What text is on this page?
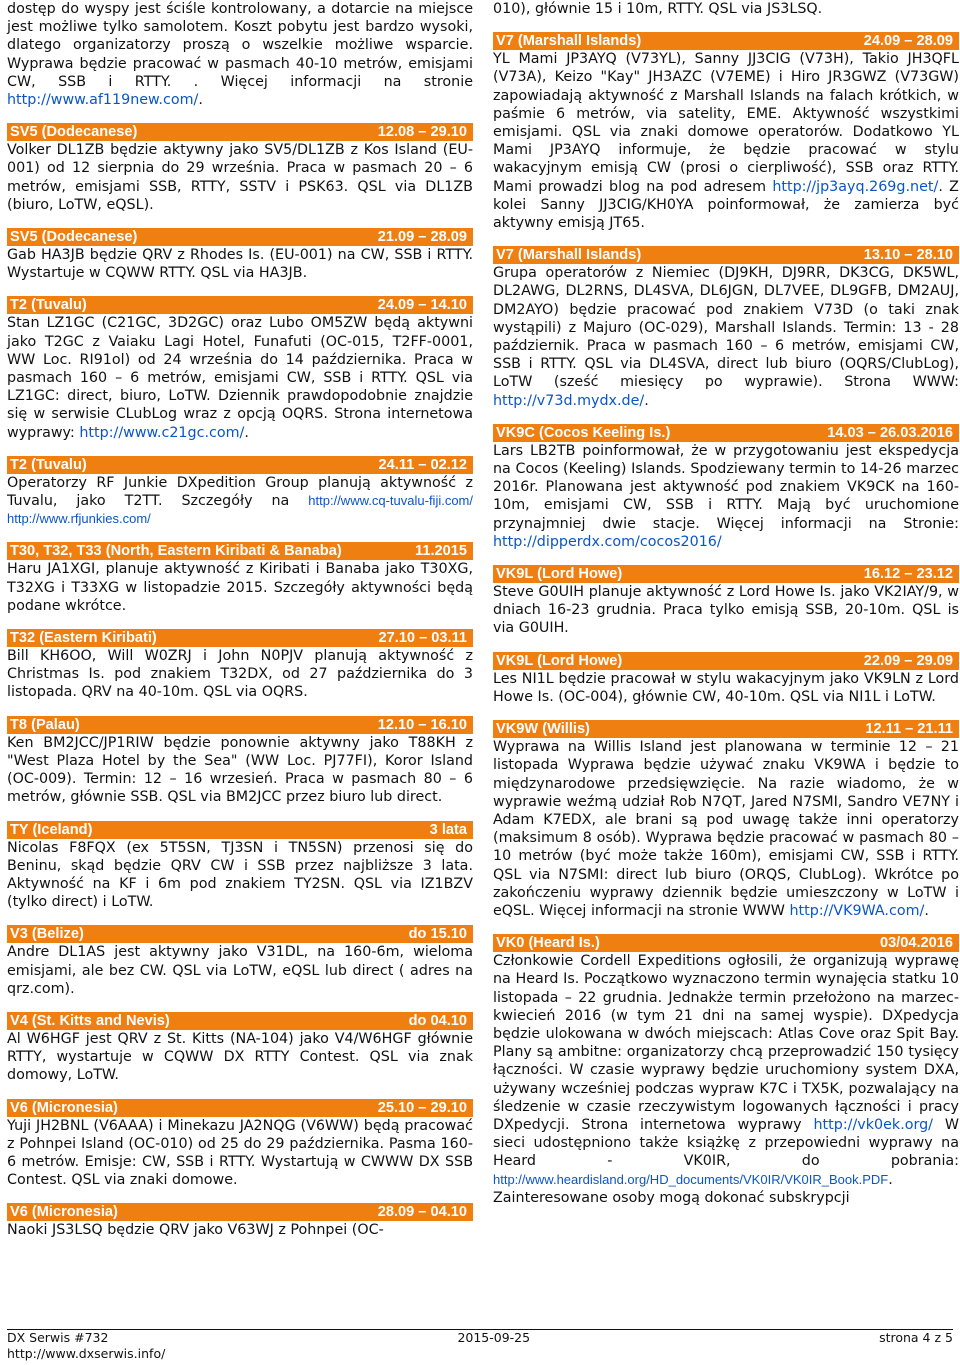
dostęp do wyspy jest ściśle kontrolowany, a dotarcie na miejsce jest możliwe tylko samolotem. Koszt pobytu jest bardzo wysoki, dlatego organizatorzy proszą o wszelkie możliwe wsparcie. Wyprawa będzie pracować w pasmach 40-10 metrów, emisjami CW, SSB i RTTY. . Więcej informacji na stronie http://www.af119new.com/.

SV5 (Dodecanese)	12.08 – 29.10

Volker DL1ZB będzie aktywny jako SV5/DL1ZB z Kos Island (EU-001) od 12 sierpnia do 29 września. Praca w pasmach 20 – 6 metrów, emisjami SSB, RTTY, SSTV i PSK63. QSL via DL1ZB (biuro, LoTW, eQSL).

SV5 (Dodecanese)	21.09 – 28.09

Gab HA3JB będzie QRV z Rhodes Is. (EU-001) na CW, SSB i RTTY. Wystartuje w CQWW RTTY. QSL via HA3JB.

T2 (Tuvalu)	24.09 – 14.10

Stan LZ1GC (C21GC, 3D2GC) oraz Lubo OM5ZW będą aktywni jako T2GC z Vaiaku Lagi Hotel, Funafuti (OC-015, T2FF-0001, WW Loc. RI91ol) od 24 września do 14 października. Praca w pasmach 160 – 6 metrów, emisjami CW, SSB i RTTY. QSL via LZ1GC: direct, biuro, LoTW. Dziennik prawdopodobnie znajdzie się w serwisie CLubLog wraz z opcją OQRS. Strona internetowa wyprawy: http://www.c21gc.com/.

T2 (Tuvalu)	24.11 – 02.12

Operatorzy RF Junkie DXpedition Group planują aktywność z Tuvalu, jako T2TT. Szczegóły na http://www.cq-tuvalu-fiji.com/ http://www.rfjunkies.com/

T30, T32, T33 (North, Eastern Kiribati & Banaba)	11.2015

Haru JA1XGI, planuje aktywność z Kiribati i Banaba jako T30XG, T32XG i T33XG w listopadzie 2015. Szczegóły aktywności będą podane wkrótce.

T32 (Eastern Kiribati)	27.10 – 03.11

Bill KH6OO, Will W0ZRJ i John N0PJV planują aktywność z Christmas Is. pod znakiem T32DX, od 27 października do 3 listopada. QRV na 40-10m. QSL via OQRS.

T8 (Palau)	12.10 – 16.10

Ken BM2JCC/JP1RIW będzie ponownie aktywny jako T88KH z "West Plaza Hotel by the Sea" (WW Loc. PJ77FI), Koror Island (OC-009). Termin: 12 – 16 wrzesień. Praca w pasmach 80 – 6 metrów, głównie SSB. QSL via BM2JCC przez biuro lub direct.

TY (Iceland)	3 lata

Nicolas F8FQX (ex 5T5SN, TJ3SN i TN5SN) przenosi się do Beninu, skąd będzie QRV CW i SSB przez najbliższe 3 lata. Aktywność na KF i 6m pod znakiem TY2SN. QSL via IZ1BZV (tylko direct) i LoTW.

V3 (Belize)	do 15.10

Andre DL1AS jest aktywny jako V31DL, na 160-6m, wieloma emisjami, ale bez CW. QSL via LoTW, eQSL lub direct ( adres na qrz.com).

V4 (St. Kitts and Nevis)	do 04.10

Al W6HGF jest QRV z St. Kitts (NA-104) jako V4/W6HGF głównie RTTY, wystartuje w CQWW DX RTTY Contest. QSL via znak domowy, LoTW.

V6 (Micronesia)	25.10 – 29.10

Yuji JH2BNL (V6AAA) i Minekazu JA2NQG (V6WW) będą pracować z Pohnpei Island (OC-010) od 25 do 29 października. Pasma 160-6 metrów. Emisje: CW, SSB i RTTY. Wystartują w CWWW DX SSB Contest. QSL via znaki domowe.

V6 (Micronesia)	28.09 – 04.10

Naoki JS3LSQ będzie QRV jako V63WJ z Pohnpei (OC-

010), głównie 15 i 10m, RTTY. QSL via JS3LSQ.

V7 (Marshall Islands)	24.09 – 28.09

YL Mami JP3AYQ (V73YL), Sanny JJ3CIG (V73H), Takio JH3QFL (V73A), Keizo "Kay" JH3AZC (V7EME) i Hiro JR3GWZ (V73GW) zapowiadają aktywność z Marshall Islands na falach krótkich, w paśmie 6 metrów, via satelity, EME. Aktywność wszystkimi emisjami. QSL via znaki domowe operatorów. Dodatkowo YL Mami JP3AYQ informuje, że będzie pracować w stylu wakacyjnym emisją CW (prosi o cierpliwość), SSB oraz RTTY. Mami prowadzi blog na pod adresem http://jp3ayq.269g.net/. Z kolei Sanny JJ3CIG/KH0YA poinformował, że zamierza być aktywny emisją JT65.

V7 (Marshall Islands)	13.10 – 28.10

Grupa operatorów z Niemiec (DJ9KH, DJ9RR, DK3CG, DK5WL, DL2AWG, DL2RNS, DL4SVA, DL6JGN, DL7VEE, DL9GFB, DM2AUJ, DM2AYO) będzie pracować pod znakiem V73D (o taki znak wystąpili) z Majuro (OC-029), Marshall Islands. Termin: 13 - 28 październik. Praca w pasmach 160 – 6 metrów, emisjami CW, SSB i RTTY. QSL via DL4SVA, direct lub biuro (OQRS/ClubLog), LoTW (sześć miesięcy po wyprawie). Strona WWW: http://v73d.mydx.de/.

VK9C (Cocos Keeling Is.)	14.03 – 26.03.2016

Lars LB2TB poinformował, że w przygotowaniu jest ekspedycja na Cocos (Keeling) Islands. Spodziewany termin to 14-26 marzec 2016r. Planowana jest aktywność pod znakiem VK9CK na 160-10m, emisjami CW, SSB i RTTY. Mają być uruchomione przynajmniej dwie stacje. Więcej informacji na Stronie: http://dipperdx.com/cocos2016/

VK9L (Lord Howe)	16.12 – 23.12

Steve G0UIH planuje aktywność z Lord Howe Is. jako VK2IAY/9, w dniach 16-23 grudnia. Praca tylko emisją SSB, 20-10m. QSL is via G0UIH.

VK9L (Lord Howe)	22.09 – 29.09

Les NI1L będzie pracował w stylu wakacyjnym jako VK9LN z Lord Howe Is. (OC-004), głównie CW, 40-10m. QSL via NI1L i LoTW.

VK9W (Willis)	12.11 – 21.11

Wyprawa na Willis Island jest planowana w terminie 12 – 21 listopada Wyprawa będzie używać znaku VK9WA i będzie to międzynarodowe przedsięwzięcie. Na razie wiadomo, że w wyprawie weźmą udział Rob N7QT, Jared N7SMI, Sandro VE7NY i Adam K7EDX, ale brani są pod uwagę także inni operatorzy (maksimum 8 osób). Wyprawa będzie pracować w pasmach 80 – 10 metrów (być może także 160m), emisjami CW, SSB i RTTY. QSL via N7SMI: direct lub biuro (ORQS, ClubLog). Wkrótce po zakończeniu wyprawy dziennik będzie umieszczony w LoTW i eQSL. Więcej informacji na stronie WWW http://VK9WA.com/.

VK0 (Heard Is.)	03/04.2016

Członkowie Cordell Expeditions ogłosili, że organizują wyprawę na Heard Is. Początkowo wyznaczono termin wynajęcia statku 10 listopada – 22 grudnia. Jednakże termin przełożono na marzec-kwiecień 2016 (w tym 21 dni na samej wyspie). DXpedycja będzie ulokowana w dwóch miejscach: Atlas Cove oraz Spit Bay. Plany są ambitne: organizatorzy chcą przeprowadzić 150 tysięcy łączności. W czasie wyprawy będzie uruchomiony system DXA, używany wcześniej podczas wypraw K7C i TX5K, pozwalający na śledzenie w czasie rzeczywistym logowanych łączności i pracy DXpedycji. Strona internetowa wyprawy http://vk0ek.org/ W sieci udostępniono także książkę z przepowiedni wyprawy na Heard - VK0IR, do pobrania: http://www.heardisland.org/HD_documents/VK0IR/VK0IR_Book.PDF. Zainteresowane osoby mogą dokonać subskrypcji

DX Serwis #732	2015-09-25	strona 4 z 5
http://www.dxserwis.info/
